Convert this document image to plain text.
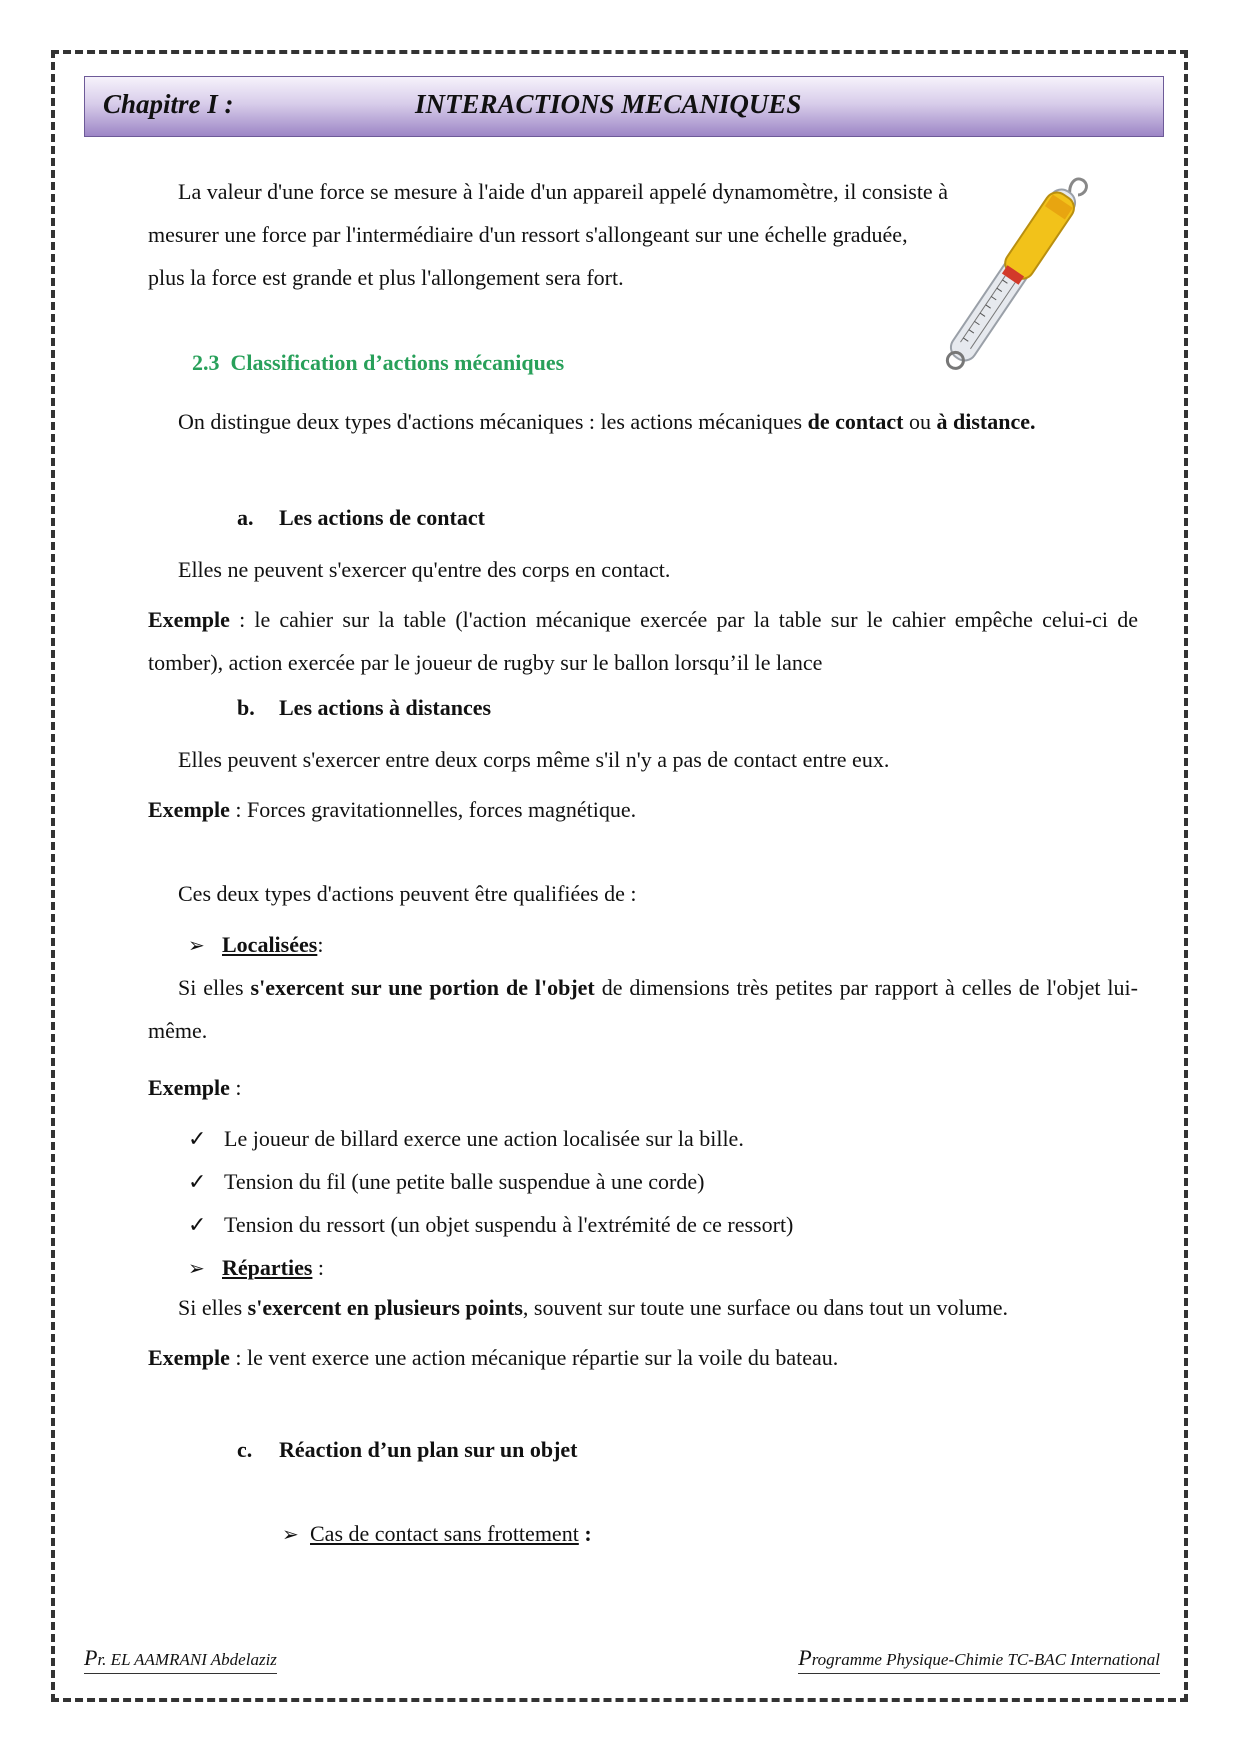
Chapitre I :	INTERACTIONS MECANIQUES

La valeur d'une force se mesure à l'aide d'un appareil appelé dynamomètre, il consiste à mesurer une force par l'intermédiaire d'un ressort s'allongeant sur une échelle graduée, plus la force est grande et plus l'allongement sera fort.

2.3 Classification d’actions mécaniques

On distingue deux types d'actions mécaniques : les actions mécaniques de contact ou à distance.

a. Les actions de contact

Elles ne peuvent s'exercer qu'entre des corps en contact.

Exemple : le cahier sur la table (l'action mécanique exercée par la table sur le cahier empêche celui-ci de tomber), action exercée par le joueur de rugby sur le ballon lorsqu’il le lance

b. Les actions à distances

Elles peuvent s'exercer entre deux corps même s'il n'y a pas de contact entre eux.

Exemple : Forces gravitationnelles, forces magnétique.

Ces deux types d'actions peuvent être qualifiées de :

➢ Localisées:

Si elles s'exercent sur une portion de l'objet de dimensions très petites par rapport à celles de l'objet lui-même.

Exemple :

✓ Le joueur de billard exerce une action localisée sur la bille.
✓ Tension du fil (une petite balle suspendue à une corde)
✓ Tension du ressort (un objet suspendu à l'extrémité de ce ressort)
➢ Réparties :

Si elles s'exercent en plusieurs points, souvent sur toute une surface ou dans tout un volume.

Exemple : le vent exerce une action mécanique répartie sur la voile du bateau.

c. Réaction d’un plan sur un objet
➢ Cas de contact sans frottement :
Pr. EL AAMRANI Abdelaziz	Programme Physique-Chimie TC-BAC International
